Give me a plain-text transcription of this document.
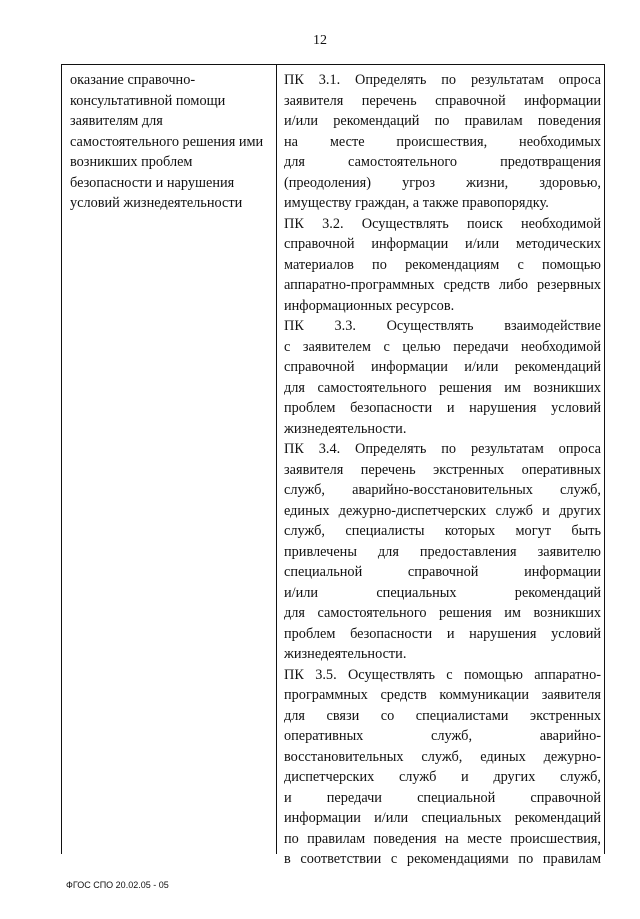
12
оказание справочно-
консультативной помощи
заявителям для
самостоятельного решения ими
возникших проблем
безопасности и нарушения
условий жизнедеятельности
ПК 3.1. Определять по результатам опроса
заявителя перечень справочной информации
и/или рекомендаций по правилам поведения
на месте происшествия, необходимых
для самостоятельного предотвращения
(преодоления) угроз жизни, здоровью,
имуществу граждан, а также правопорядку.
ПК 3.2. Осуществлять поиск необходимой
справочной информации и/или методических
материалов по рекомендациям с помощью
аппаратно-программных средств либо резервных
информационных ресурсов.
ПК 3.3. Осуществлять взаимодействие
с заявителем с целью передачи необходимой
справочной информации и/или рекомендаций
для самостоятельного решения им возникших
проблем безопасности и нарушения условий
жизнедеятельности.
ПК 3.4. Определять по результатам опроса
заявителя перечень экстренных оперативных
служб, аварийно-восстановительных служб,
единых дежурно-диспетчерских служб и других
служб, специалисты которых могут быть
привлечены для предоставления заявителю
специальной справочной информации
и/или специальных рекомендаций
для самостоятельного решения им возникших
проблем безопасности и нарушения условий
жизнедеятельности.
ПК 3.5. Осуществлять с помощью аппаратно-
программных средств коммуникации заявителя
для связи со специалистами экстренных
оперативных служб, аварийно-
восстановительных служб, единых дежурно-
диспетчерских служб и других служб,
и передачи специальной справочной
информации и/или специальных рекомендаций
по правилам поведения на месте происшествия,
в соответствии с рекомендациями по правилам
ФГОС СПО 20.02.05 - 05
